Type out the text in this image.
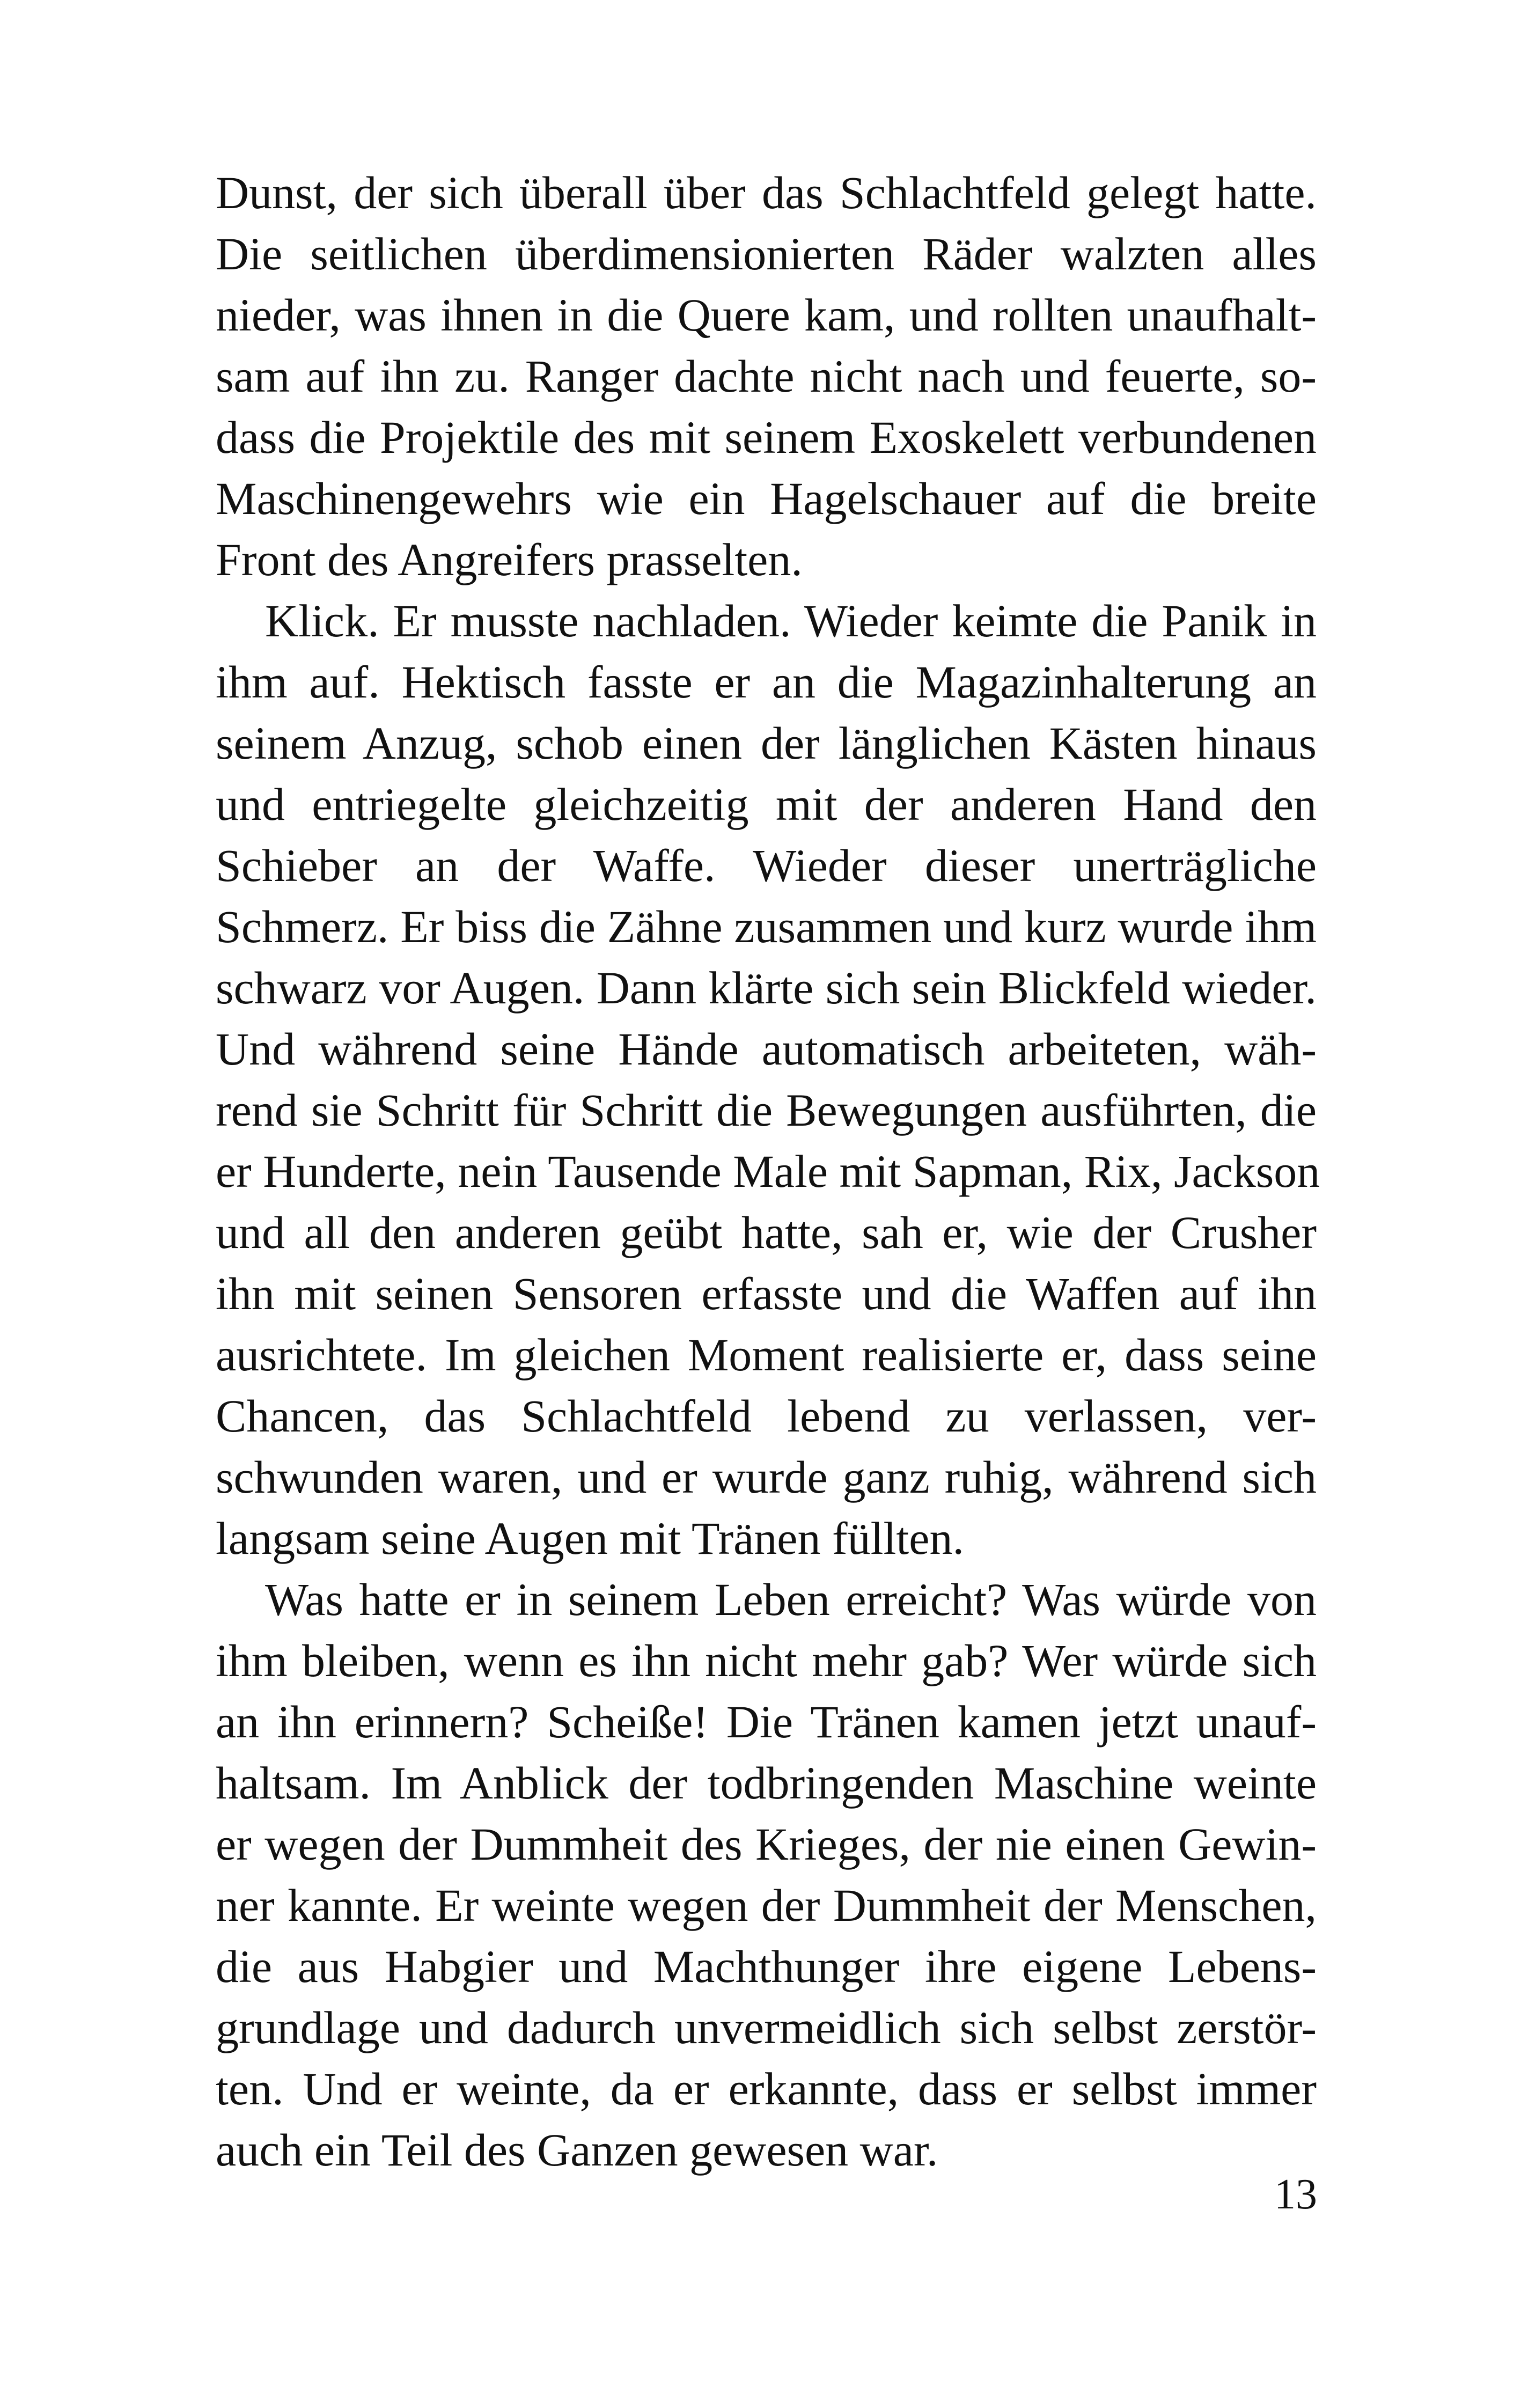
Dunst, der sich überall über das Schlachtfeld gelegt hatte.
Die seitlichen überdimensionierten Räder walzten alles
nieder, was ihnen in die Quere kam, und rollten unaufhalt-
sam auf ihn zu. Ranger dachte nicht nach und feuerte, so-
dass die Projektile des mit seinem Exoskelett verbundenen
Maschinengewehrs wie ein Hagelschauer auf die breite
Front des Angreifers prasselten.
Klick. Er musste nachladen. Wieder keimte die Panik in
ihm auf. Hektisch fasste er an die Magazinhalterung an
seinem Anzug, schob einen der länglichen Kästen hinaus
und entriegelte gleichzeitig mit der anderen Hand den
Schieber an der Waffe. Wieder dieser unerträgliche
Schmerz. Er biss die Zähne zusammen und kurz wurde ihm
schwarz vor Augen. Dann klärte sich sein Blickfeld wieder.
Und während seine Hände automatisch arbeiteten, wäh-
rend sie Schritt für Schritt die Bewegungen ausführten, die
er Hunderte, nein Tausende Male mit Sapman, Rix, Jackson
und all den anderen geübt hatte, sah er, wie der Crusher
ihn mit seinen Sensoren erfasste und die Waffen auf ihn
ausrichtete. Im gleichen Moment realisierte er, dass seine
Chancen, das Schlachtfeld lebend zu verlassen, ver-
schwunden waren, und er wurde ganz ruhig, während sich
langsam seine Augen mit Tränen füllten.
Was hatte er in seinem Leben erreicht? Was würde von
ihm bleiben, wenn es ihn nicht mehr gab? Wer würde sich
an ihn erinnern? Scheiße! Die Tränen kamen jetzt unauf-
haltsam. Im Anblick der todbringenden Maschine weinte
er wegen der Dummheit des Krieges, der nie einen Gewin-
ner kannte. Er weinte wegen der Dummheit der Menschen,
die aus Habgier und Machthunger ihre eigene Lebens-
grundlage und dadurch unvermeidlich sich selbst zerstör-
ten. Und er weinte, da er erkannte, dass er selbst immer
auch ein Teil des Ganzen gewesen war.
13
